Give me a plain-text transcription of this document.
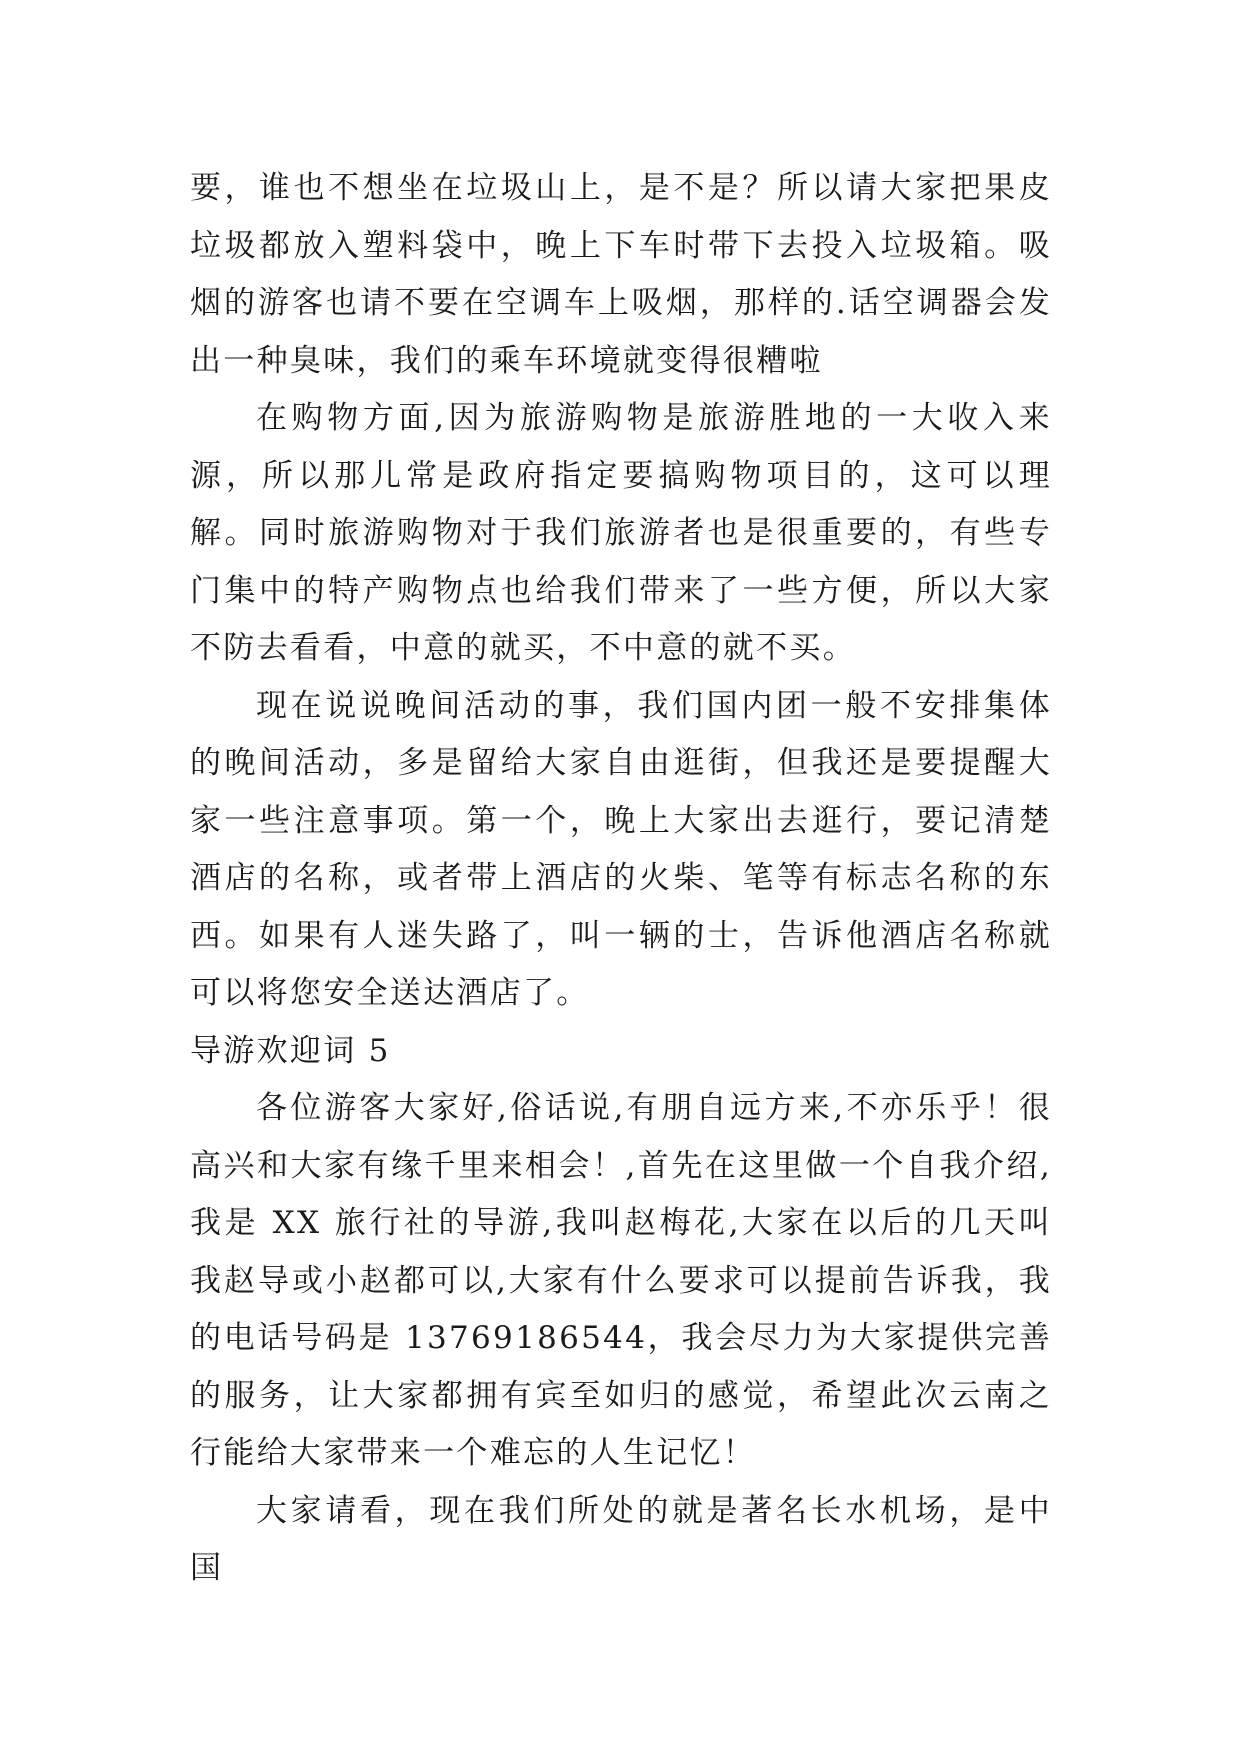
要，谁也不想坐在垃圾山上，是不是？所以请大家把果皮垃圾都放入塑料袋中，晚上下车时带下去投入垃圾箱。吸烟的游客也请不要在空调车上吸烟，那样的.话空调器会发出一种臭味，我们的乘车环境就变得很糟啦

在购物方面,因为旅游购物是旅游胜地的一大收入来源，所以那儿常是政府指定要搞购物项目的，这可以理解。同时旅游购物对于我们旅游者也是很重要的，有些专门集中的特产购物点也给我们带来了一些方便，所以大家不防去看看，中意的就买，不中意的就不买。

现在说说晚间活动的事，我们国内团一般不安排集体的晚间活动，多是留给大家自由逛街，但我还是要提醒大家一些注意事项。第一个，晚上大家出去逛行，要记清楚酒店的名称，或者带上酒店的火柴、笔等有标志名称的东西。如果有人迷失路了，叫一辆的士，告诉他酒店名称就可以将您安全送达酒店了。

导游欢迎词 5

各位游客大家好,俗话说,有朋自远方来,不亦乐乎！很高兴和大家有缘千里来相会！,首先在这里做一个自我介绍,我是 XX 旅行社的导游,我叫赵梅花,大家在以后的几天叫我赵导或小赵都可以,大家有什么要求可以提前告诉我，我的电话号码是 13769186544，我会尽力为大家提供完善的服务，让大家都拥有宾至如归的感觉，希望此次云南之行能给大家带来一个难忘的人生记忆！

大家请看，现在我们所处的就是著名长水机场，是中国
